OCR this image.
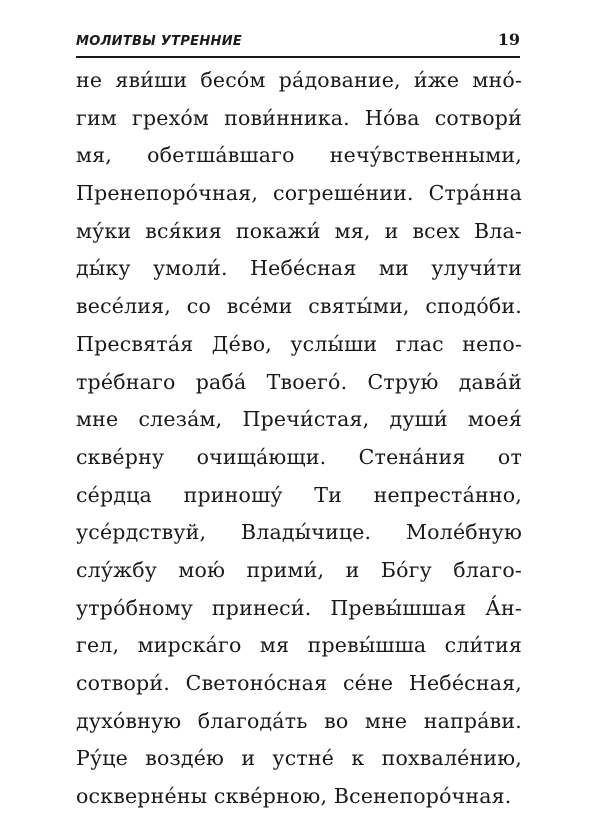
МОЛИТВЫ УТРЕННИЕ	19
не яви́ши бесо́м ра́дование, и́же мно́-
гим грехо́м пови́нника. Но́ва сотвори́
мя, обетша́вшаго нечу́вственными,
Пренепоро́чная, согреше́нии. Стра́нна
му́ки вся́кия покажи́ мя, и всех Вла-
ды́ку умоли́. Небе́сная ми улучи́ти
весе́лия, со все́ми святы́ми, сподо́би.
Пресвята́я Де́во, услы́ши глас непо-
тре́бнаго раба́ Твоего́. Струю́ дава́й
мне слеза́м, Пречи́стая, души́ моея́
скве́рну очища́ющи. Стена́ния от
се́рдца приношу́ Ти непреста́нно,
усе́рдствуй, Влады́чице. Моле́бную
слу́жбу мою́ прими́, и Бо́гу благо-
утро́бному принеси́. Превы́шшая А́н-
гел, мирска́го мя превы́шша сли́тия
сотвори́. Светоно́сная се́не Небе́сная,
духо́вную благода́ть во мне напра́ви.
Ру́це возде́ю и устне́ к похвале́нию,
оскверне́ны скве́рною, Всенепоро́чная.
